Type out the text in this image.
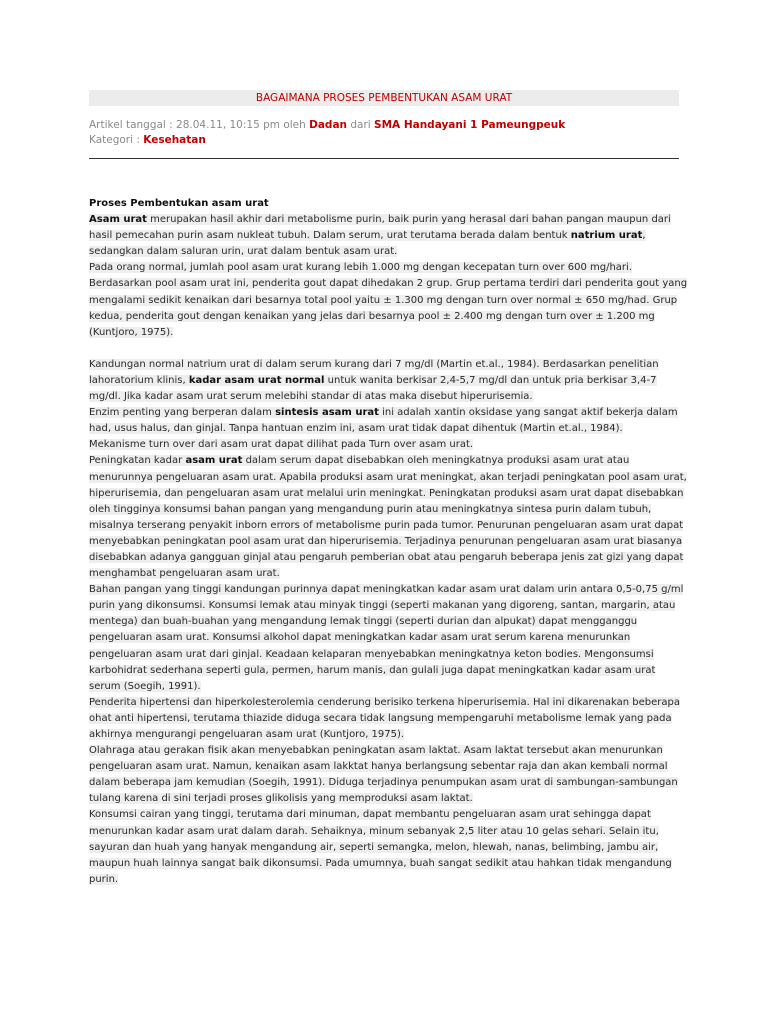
BAGAIMANA PROSES PEMBENTUKAN ASAM URAT
Artikel tanggal : 28.04.11, 10:15 pm oleh Dadan dari SMA Handayani 1 Pameungpeuk
Kategori : Kesehatan

Proses Pembentukan asam urat

Asam urat merupakan hasil akhir dari metabolisme purin, baik purin yang herasal dari bahan pangan maupun dari hasil pemecahan purin asam nukleat tubuh. Dalam serum, urat terutama berada dalam bentuk natrium urat, sedangkan dalam saluran urin, urat dalam bentuk asam urat.

Pada orang normal, jumlah pool asam urat kurang lebih 1.000 mg dengan kecepatan turn over 600 mg/hari.

Berdasarkan pool asam urat ini, penderita gout dapat dihedakan 2 grup. Grup pertama terdiri dari penderita gout yang mengalami sedikit kenaikan dari besarnya total pool yaitu ± 1.300 mg dengan turn over normal ± 650 mg/had. Grup kedua, penderita gout dengan kenaikan yang jelas dari besarnya pool ± 2.400 mg dengan turn over ± 1.200 mg (Kuntjoro, 1975).

Kandungan normal natrium urat di dalam serum kurang dari 7 mg/dl (Martin et.al., 1984). Berdasarkan penelitian lahoratorium klinis, kadar asam urat normal untuk wanita berkisar 2,4-5,7 mg/dl dan untuk pria berkisar 3,4-7 mg/dl. Jika kadar asam urat serum melebihi standar di atas maka disebut hiperurisemia.

Enzim penting yang berperan dalam sintesis asam urat ini adalah xantin oksidase yang sangat aktif bekerja dalam had, usus halus, dan ginjal. Tanpa hantuan enzim ini, asam urat tidak dapat dihentuk (Martin et.al., 1984).

Mekanisme turn over dari asam urat dapat dilihat pada Turn over asam urat.

Peningkatan kadar asam urat dalam serum dapat disebabkan oleh meningkatnya produksi asam urat atau menurunnya pengeluaran asam urat. Apabila produksi asam urat meningkat, akan terjadi peningkatan pool asam urat, hiperurisemia, dan pengeluaran asam urat melalui urin meningkat. Peningkatan produksi asam urat dapat disebabkan oleh tingginya konsumsi bahan pangan yang mengandung purin atau meningkatnya sintesa purin dalam tubuh, misalnya terserang penyakit inborn errors of metabolisme purin pada tumor. Penurunan pengeluaran asam urat dapat menyebabkan peningkatan pool asam urat dan hiperurisemia. Terjadinya penurunan pengeluaran asam urat biasanya disebabkan adanya gangguan ginjal atau pengaruh pemberian obat atau pengaruh beberapa jenis zat gizi yang dapat menghambat pengeluaran asam urat.

Bahan pangan yang tinggi kandungan purinnya dapat meningkatkan kadar asam urat dalam urin antara 0,5-0,75 g/ml purin yang dikonsumsi. Konsumsi lemak atau minyak tinggi (seperti makanan yang digoreng, santan, margarin, atau mentega) dan buah-buahan yang mengandung lemak tinggi (seperti durian dan alpukat) dapat mengganggu pengeluaran asam urat. Konsumsi alkohol dapat meningkatkan kadar asam urat serum karena menurunkan pengeluaran asam urat dari ginjal. Keadaan kelaparan menyebabkan meningkatnya keton bodies. Mengonsumsi karbohidrat sederhana seperti gula, permen, harum manis, dan gulali juga dapat meningkatkan kadar asam urat serum (Soegih, 1991).

Penderita hipertensi dan hiperkolesterolemia cenderung berisiko terkena hiperurisemia. Hal ini dikarenakan beberapa ohat anti hipertensi, terutama thiazide diduga secara tidak langsung mempengaruhi metabolisme lemak yang pada akhirnya mengurangi pengeluaran asam urat (Kuntjoro, 1975).

Olahraga atau gerakan fisik akan menyebabkan peningkatan asam laktat. Asam laktat tersebut akan menurunkan pengeluaran asam urat. Namun, kenaikan asam lakktat hanya berlangsung sebentar raja dan akan kembali normal dalam beberapa jam kemudian (Soegih, 1991). Diduga terjadinya penumpukan asam urat di sambungan-sambungan tulang karena di sini terjadi proses glikolisis yang memproduksi asam laktat.

Konsumsi cairan yang tinggi, terutama dari minuman, dapat membantu pengeluaran asam urat sehingga dapat menurunkan kadar asam urat dalam darah. Sehaiknya, minum sebanyak 2,5 liter atau 10 gelas sehari. Selain itu, sayuran dan huah yang hanyak mengandung air, seperti semangka, melon, hlewah, nanas, belimbing, jambu air, maupun huah lainnya sangat baik dikonsumsi. Pada umumnya, buah sangat sedikit atau hahkan tidak mengandung purin.
